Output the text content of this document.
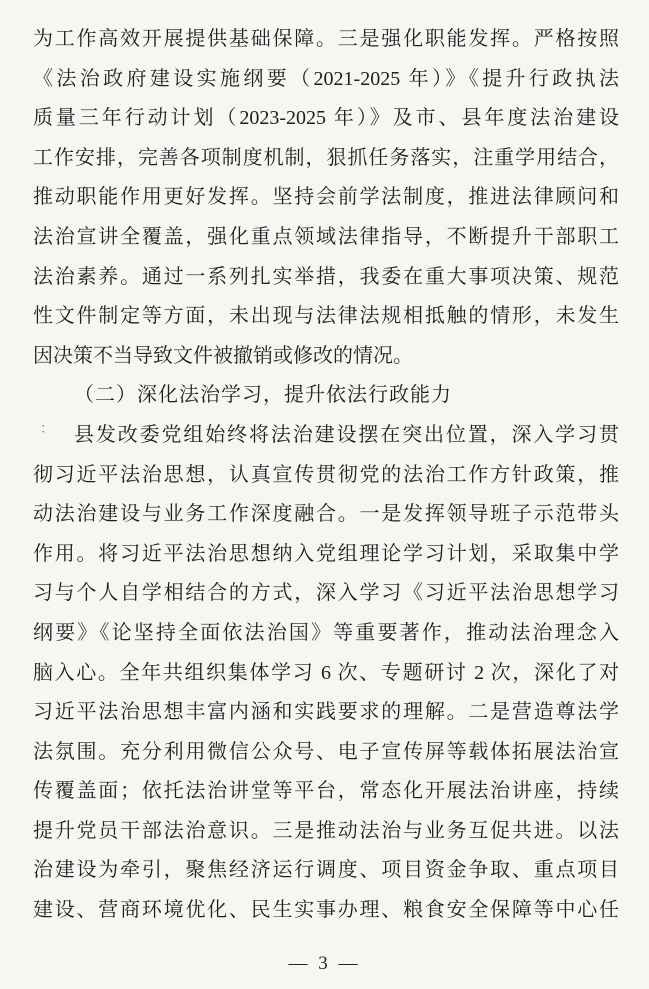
为工作高效开展提供基础保障。三是强化职能发挥。严格按照
《法治政府建设实施纲要（2021-2025 年）》《提升行政执法
质量三年行动计划（2023-2025 年）》及市、县年度法治建设
工作安排，完善各项制度机制，狠抓任务落实，注重学用结合，
推动职能作用更好发挥。坚持会前学法制度，推进法律顾问和
法治宣讲全覆盖，强化重点领域法律指导，不断提升干部职工
法治素养。通过一系列扎实举措，我委在重大事项决策、规范
性文件制定等方面，未出现与法律法规相抵触的情形，未发生
因决策不当导致文件被撤销或修改的情况。
（二）深化法治学习，提升依法行政能力
县发改委党组始终将法治建设摆在突出位置，深入学习贯
彻习近平法治思想，认真宣传贯彻党的法治工作方针政策，推
动法治建设与业务工作深度融合。一是发挥领导班子示范带头
作用。将习近平法治思想纳入党组理论学习计划，采取集中学
习与个人自学相结合的方式，深入学习《习近平法治思想学习
纲要》《论坚持全面依法治国》等重要著作，推动法治理念入
脑入心。全年共组织集体学习 6 次、专题研讨 2 次，深化了对
习近平法治思想丰富内涵和实践要求的理解。二是营造尊法学
法氛围。充分利用微信公众号、电子宣传屏等载体拓展法治宣
传覆盖面；依托法治讲堂等平台，常态化开展法治讲座，持续
提升党员干部法治意识。三是推动法治与业务互促共进。以法
治建设为牵引，聚焦经济运行调度、项目资金争取、重点项目
建设、营商环境优化、民生实事办理、粮食安全保障等中心任
：
— 3 —
